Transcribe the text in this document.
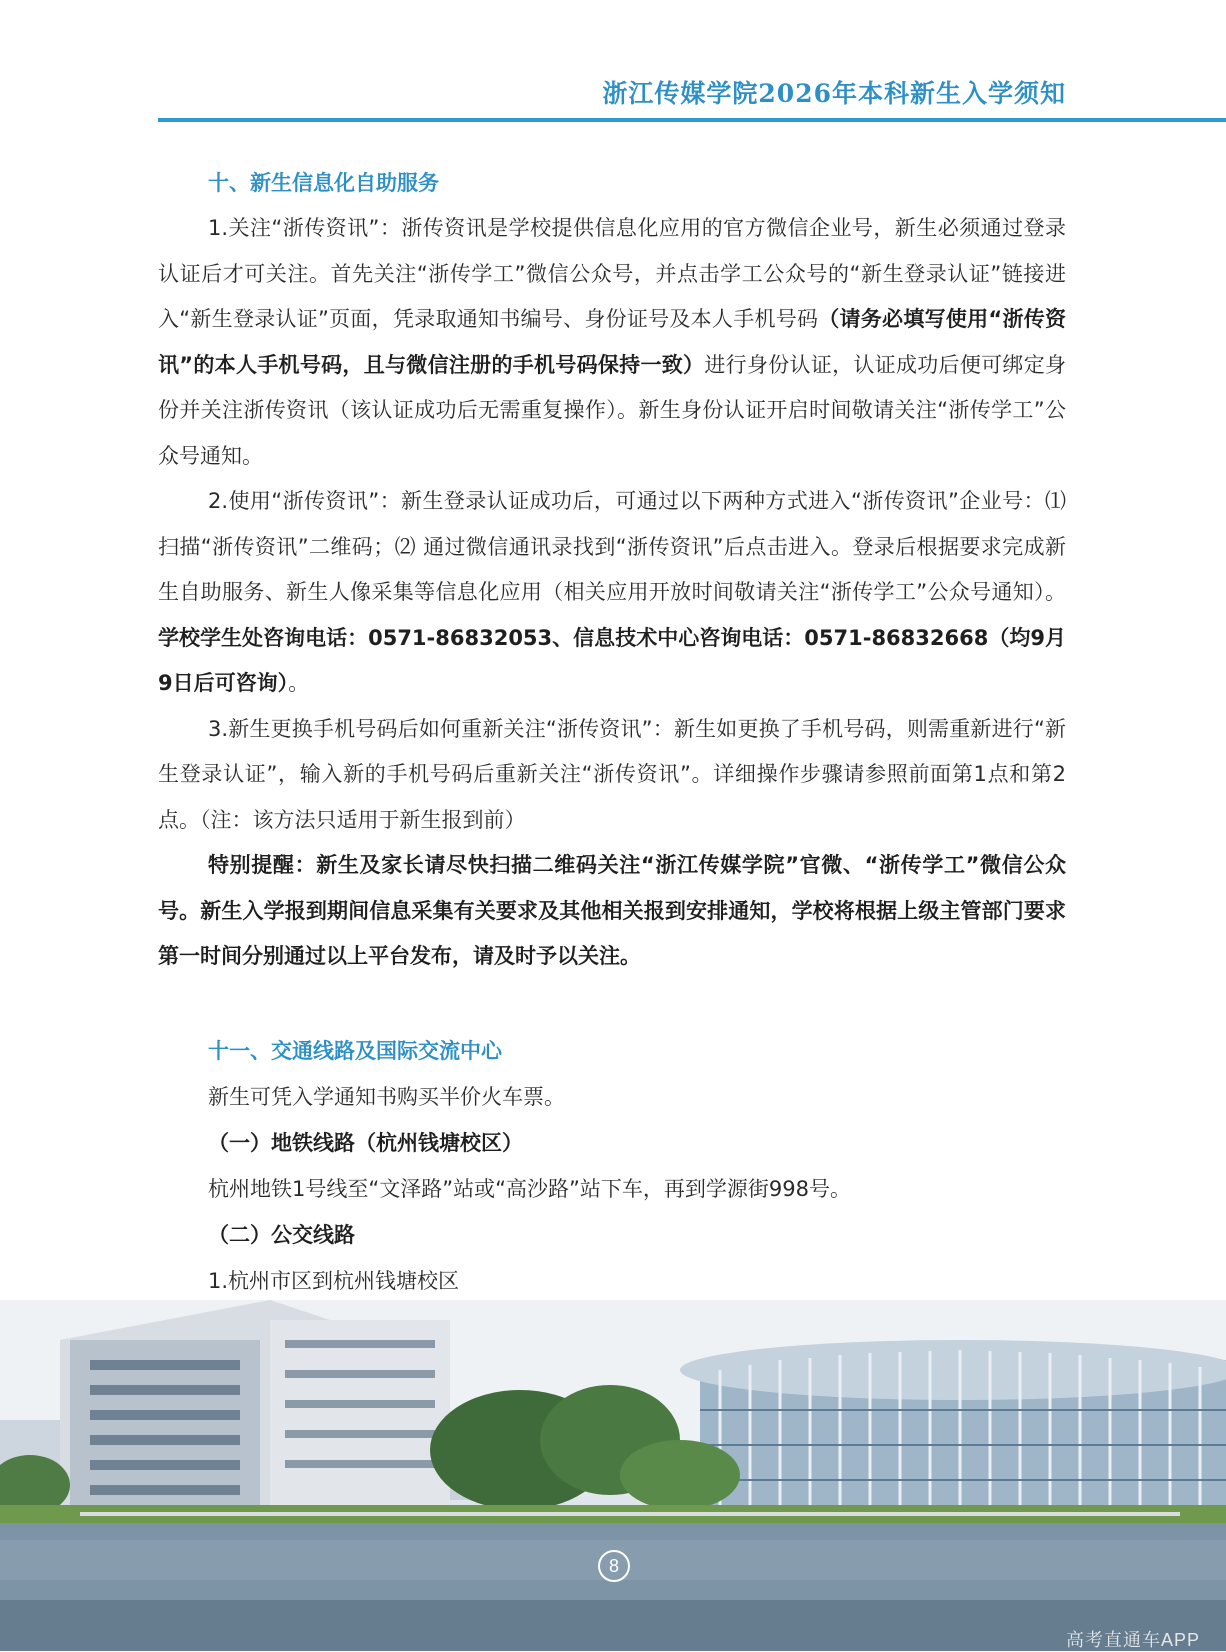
浙江传媒学院2026年本科新生入学须知
十、新生信息化自助服务

1.关注“浙传资讯”：浙传资讯是学校提供信息化应用的官方微信企业号，新生必须通过登录认证后才可关注。首先关注“浙传学工”微信公众号，并点击学工公众号的“新生登录认证”链接进入“新生登录认证”页面，凭录取通知书编号、身份证号及本人手机号码（请务必填写使用“浙传资讯”的本人手机号码，且与微信注册的手机号码保持一致）进行身份认证，认证成功后便可绑定身份并关注浙传资讯（该认证成功后无需重复操作）。新生身份认证开启时间敬请关注“浙传学工”公众号通知。

2.使用“浙传资讯”：新生登录认证成功后，可通过以下两种方式进入“浙传资讯”企业号：⑴ 扫描“浙传资讯”二维码；⑵ 通过微信通讯录找到“浙传资讯”后点击进入。登录后根据要求完成新生自助服务、新生人像采集等信息化应用（相关应用开放时间敬请关注“浙传学工”公众号通知）。学校学生处咨询电话：0571-86832053、信息技术中心咨询电话：0571-86832668（均9月9日后可咨询）。

3.新生更换手机号码后如何重新关注“浙传资讯”：新生如更换了手机号码，则需重新进行“新生登录认证”，输入新的手机号码后重新关注“浙传资讯”。详细操作步骤请参照前面第1点和第2点。（注：该方法只适用于新生报到前）

特别提醒：新生及家长请尽快扫描二维码关注“浙江传媒学院”官微、“浙传学工”微信公众号。新生入学报到期间信息采集有关要求及其他相关报到安排通知，学校将根据上级主管部门要求第一时间分别通过以上平台发布，请及时予以关注。

十一、交通线路及国际交流中心

新生可凭入学通知书购买半价火车票。

（一）地铁线路（杭州钱塘校区）

杭州地铁1号线至“文泽路”站或“高沙路”站下车，再到学源街998号。

（二）公交线路

1.杭州市区到杭州钱塘校区

8
高考直通车APP
